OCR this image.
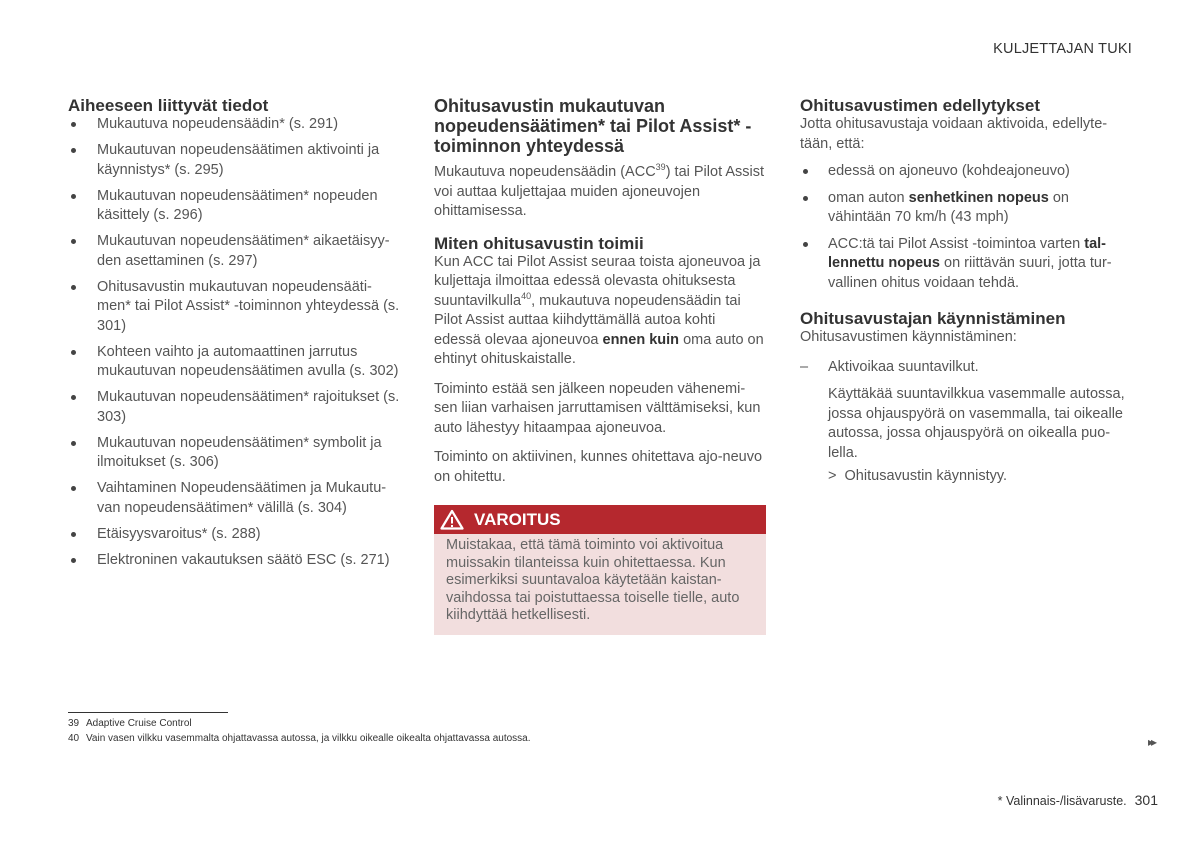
KULJETTAJAN TUKI
Aiheeseen liittyvät tiedot
Mukautuva nopeudensäädin* (s. 291)
Mukautuvan nopeudensäätimen aktivointi ja käynnistys* (s. 295)
Mukautuvan nopeudensäätimen* nopeuden käsittely (s. 296)
Mukautuvan nopeudensäätimen* aikaetäisyy-den asettaminen (s. 297)
Ohitusavustin mukautuvan nopeudensääti-men* tai Pilot Assist* -toiminnon yhteydessä (s. 301)
Kohteen vaihto ja automaattinen jarrutus mukautuvan nopeudensäätimen avulla (s. 302)
Mukautuvan nopeudensäätimen* rajoitukset (s. 303)
Mukautuvan nopeudensäätimen* symbolit ja ilmoitukset (s. 306)
Vaihtaminen Nopeudensäätimen ja Mukautu-van nopeudensäätimen* välillä (s. 304)
Etäisyysvaroitus* (s. 288)
Elektroninen vakautuksen säätö ESC (s. 271)
Ohitusavustin mukautuvan nopeudensäätimen* tai Pilot Assist* -toiminnon yhteydessä

Mukautuva nopeudensäädin (ACC$^{39}$) tai Pilot Assist voi auttaa kuljettajaa muiden ajoneuvojen ohittamisessa.

Miten ohitusavustin toimii

Kun ACC tai Pilot Assist seuraa toista ajoneuvoa ja kuljettaja ilmoittaa edessä olevasta ohituksesta suuntavilkulla$^{40}$, mukautuva nopeudensäädin tai Pilot Assist auttaa kiihdyttämällä autoa kohti edessä olevaa ajoneuvoa ennen kuin oma auto on ehtinyt ohituskaistalle.

Toiminto estää sen jälkeen nopeuden vähenemi-sen liian varhaisen jarruttamisen välttämiseksi, kun auto lähestyy hitaampaa ajoneuvoa.

Toiminto on aktiivinen, kunnes ohitettava ajo-neuvo on ohitettu.

VAROITUS
Muistakaa, että tämä toiminto voi aktivoitua muissakin tilanteissa kuin ohitettaessa. Kun esimerkiksi suuntavaloa käytetään kaistan-vaihdossa tai poistuttaessa toiselle tielle, auto kiihdyttää hetkellisesti.
Ohitusavustimen edellytykset

Jotta ohitusavustaja voidaan aktivoida, edellyte-tään, että:

edessä on ajoneuvo (kohdeajoneuvo)
oman auton senhetkinen nopeus on vähintään 70 km/h (43 mph)
ACC:tä tai Pilot Assist -toimintoa varten tal-lennettu nopeus on riittävän suuri, jotta tur-vallinen ohitus voidaan tehdä.
Ohitusavustajan käynnistäminen

Ohitusavustimen käynnistäminen:

– Aktivoikaa suuntavilkut.

Käyttäkää suuntavilkkua vasemmalle autossa, jossa ohjauspyörä on vasemmalla, tai oikealle autossa, jossa ohjauspyörä on oikealla puo-lella.

> Ohitusavustin käynnistyy.
39 Adaptive Cruise Control
40 Vain vasen vilkku vasemmalta ohjattavassa autossa, ja vilkku oikealle oikealta ohjattavassa autossa.	▸▸
* Valinnais-/lisävaruste. 301
